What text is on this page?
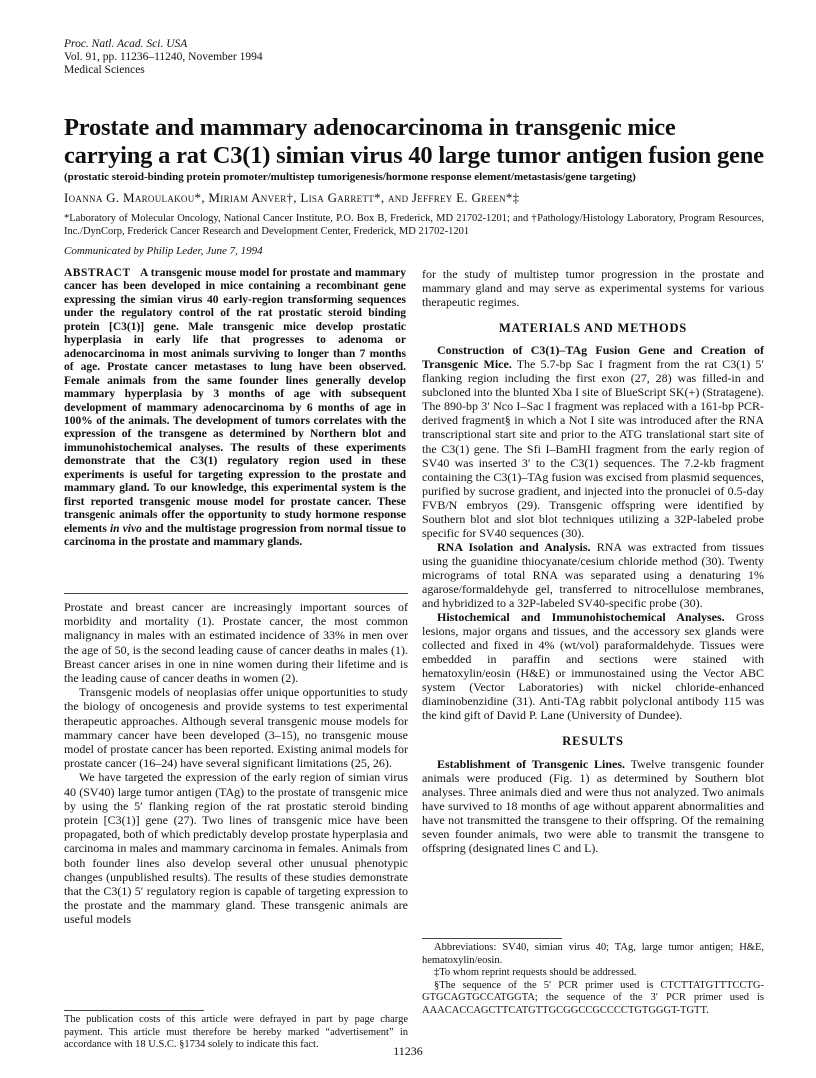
Proc. Natl. Acad. Sci. USA
Vol. 91, pp. 11236–11240, November 1994
Medical Sciences
Prostate and mammary adenocarcinoma in transgenic mice carrying a rat C3(1) simian virus 40 large tumor antigen fusion gene
(prostatic steroid-binding protein promoter/multistep tumorigenesis/hormone response element/metastasis/gene targeting)
Ioanna G. Maroulakou*, Miriam Anver†, Lisa Garrett*, and Jeffrey E. Green*‡
*Laboratory of Molecular Oncology, National Cancer Institute, P.O. Box B, Frederick, MD 21702-1201; and †Pathology/Histology Laboratory, Program Resources, Inc./DynCorp, Frederick Cancer Research and Development Center, Frederick, MD 21702-1201
Communicated by Philip Leder, June 7, 1994
ABSTRACT A transgenic mouse model for prostate and mammary cancer has been developed in mice containing a recombinant gene expressing the simian virus 40 early-region transforming sequences under the regulatory control of the rat prostatic steroid binding protein [C3(1)] gene. Male transgenic mice develop prostatic hyperplasia in early life that progresses to adenoma or adenocarcinoma in most animals surviving to longer than 7 months of age. Prostate cancer metastases to lung have been observed. Female animals from the same founder lines generally develop mammary hyperplasia by 3 months of age with subsequent development of mammary adenocarcinoma by 6 months of age in 100% of the animals. The development of tumors correlates with the expression of the transgene as determined by Northern blot and immunohistochemical analyses. The results of these experiments demonstrate that the C3(1) regulatory region used in these experiments is useful for targeting expression to the prostate and mammary gland. To our knowledge, this experimental system is the first reported transgenic mouse model for prostate cancer. These transgenic animals offer the opportunity to study hormone response elements in vivo and the multistage progression from normal tissue to carcinoma in the prostate and mammary glands.

Prostate and breast cancer are increasingly important sources of morbidity and mortality (1). Prostate cancer, the most common malignancy in males with an estimated incidence of 33% in men over the age of 50, is the second leading cause of cancer deaths in males (1). Breast cancer arises in one in nine women during their lifetime and is the leading cause of cancer deaths in women (2).

Transgenic models of neoplasias offer unique opportunities to study the biology of oncogenesis and provide systems to test experimental therapeutic approaches. Although several transgenic mouse models for mammary cancer have been developed (3–15), no transgenic mouse model of prostate cancer has been reported. Existing animal models for prostate cancer (16–24) have several significant limitations (25, 26).

We have targeted the expression of the early region of simian virus 40 (SV40) large tumor antigen (TAg) to the prostate of transgenic mice by using the 5′ flanking region of the rat prostatic steroid binding protein [C3(1)] gene (27). Two lines of transgenic mice have been propagated, both of which predictably develop prostate hyperplasia and carcinoma in males and mammary carcinoma in females. Animals from both founder lines also develop several other unusual phenotypic changes (unpublished results). The results of these studies demonstrate that the C3(1) 5′ regulatory region is capable of targeting expression to the prostate and the mammary gland. These transgenic animals are useful models

The publication costs of this article were defrayed in part by page charge payment. This article must therefore be hereby marked “advertisement” in accordance with 18 U.S.C. §1734 solely to indicate this fact.

for the study of multistep tumor progression in the prostate and mammary gland and may serve as experimental systems for various therapeutic regimes.

MATERIALS AND METHODS

Construction of C3(1)–TAg Fusion Gene and Creation of Transgenic Mice. The 5.7-bp Sac I fragment from the rat C3(1) 5′ flanking region including the first exon (27, 28) was filled-in and subcloned into the blunted Xba I site of BlueScript SK(+) (Stratagene). The 890-bp 3′ Nco I–Sac I fragment was replaced with a 161-bp PCR-derived fragment§ in which a Not I site was introduced after the RNA transcriptional start site and prior to the ATG translational start site of the C3(1) gene. The Sfi I–BamHI fragment from the early region of SV40 was inserted 3′ to the C3(1) sequences. The 7.2-kb fragment containing the C3(1)–TAg fusion was excised from plasmid sequences, purified by sucrose gradient, and injected into the pronuclei of 0.5-day FVB/N embryos (29). Transgenic offspring were identified by Southern blot and slot blot techniques utilizing a 32P-labeled probe specific for SV40 sequences (30).

RNA Isolation and Analysis. RNA was extracted from tissues using the guanidine thiocyanate/cesium chloride method (30). Twenty micrograms of total RNA was separated using a denaturing 1% agarose/formaldehyde gel, transferred to nitrocellulose membranes, and hybridized to a 32P-labeled SV40-specific probe (30).

Histochemical and Immunohistochemical Analyses. Gross lesions, major organs and tissues, and the accessory sex glands were collected and fixed in 4% (wt/vol) paraformaldehyde. Tissues were embedded in paraffin and sections were stained with hematoxylin/eosin (H&E) or immunostained using the Vector ABC system (Vector Laboratories) with nickel chloride-enhanced diaminobenzidine (31). Anti-TAg rabbit polyclonal antibody 115 was the kind gift of David P. Lane (University of Dundee).

RESULTS

Establishment of Transgenic Lines. Twelve transgenic founder animals were produced (Fig. 1) as determined by Southern blot analyses. Three animals died and were thus not analyzed. Two animals have survived to 18 months of age without apparent abnormalities and have not transmitted the transgene to their offspring. Of the remaining seven founder animals, two were able to transmit the transgene to offspring (designated lines C and L).

Abbreviations: SV40, simian virus 40; TAg, large tumor antigen; H&E, hematoxylin/eosin.

‡To whom reprint requests should be addressed.

§The sequence of the 5′ PCR primer used is CTCTTATGTTTCCTG-GTGCAGTGCCATGGTA; the sequence of the 3′ PCR primer used is AAACACCAGCTTCATGTTGCGGCCGCCCCTGTGGGT-TGTT.

11236
